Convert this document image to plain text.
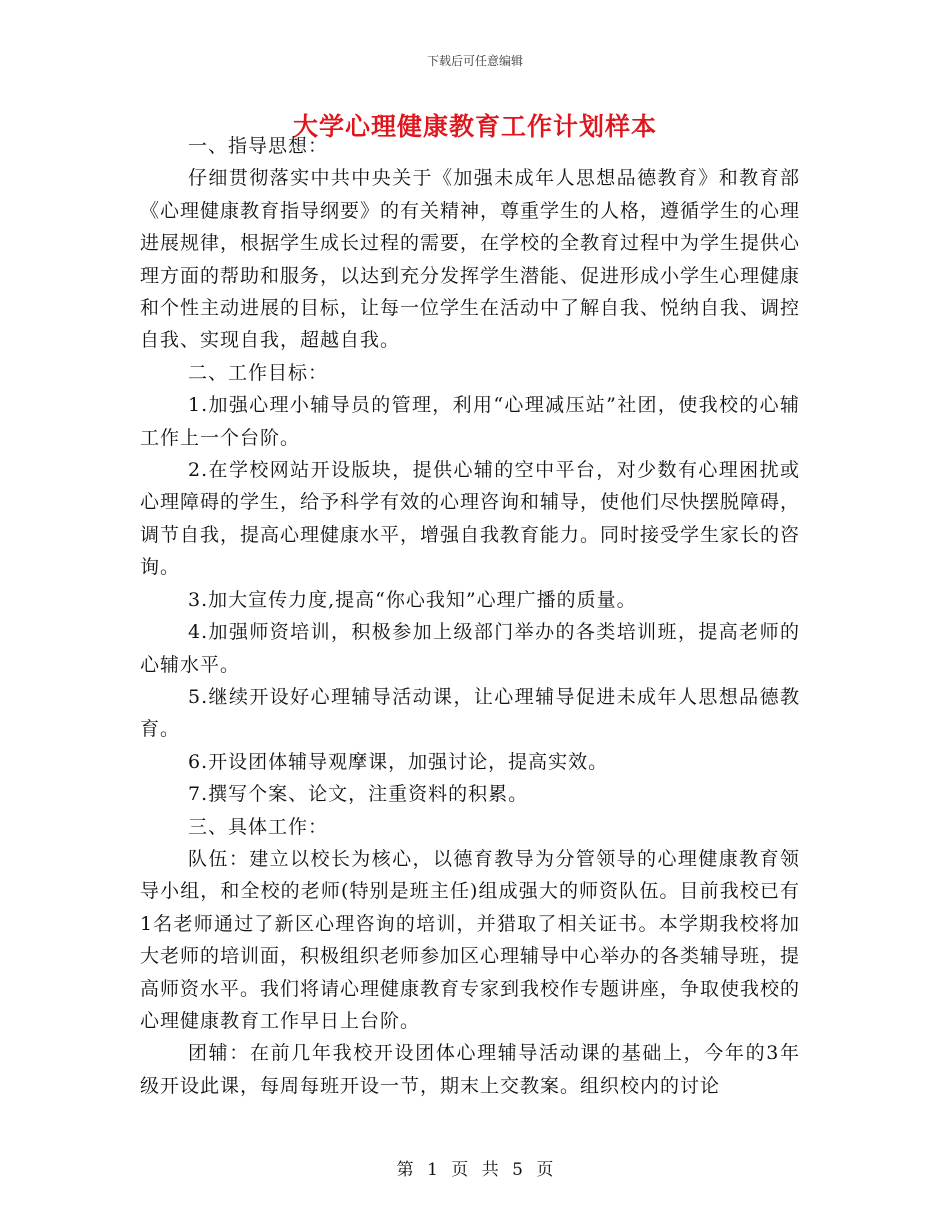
下载后可任意编辑
大学心理健康教育工作计划样本

一、指导思想：

仔细贯彻落实中共中央关于《加强未成年人思想品德教育》和教育部《心理健康教育指导纲要》的有关精神，尊重学生的人格，遵循学生的心理进展规律，根据学生成长过程的需要，在学校的全教育过程中为学生提供心理方面的帮助和服务，以达到充分发挥学生潜能、促进形成小学生心理健康和个性主动进展的目标，让每一位学生在活动中了解自我、悦纳自我、调控自我、实现自我，超越自我。

二、工作目标：

1.加强心理小辅导员的管理，利用“心理减压站”社团，使我校的心辅工作上一个台阶。

2.在学校网站开设版块，提供心辅的空中平台，对少数有心理困扰或心理障碍的学生，给予科学有效的心理咨询和辅导，使他们尽快摆脱障碍，调节自我，提高心理健康水平，增强自我教育能力。同时接受学生家长的咨询。

3.加大宣传力度,提高“你心我知”心理广播的质量。

4.加强师资培训，积极参加上级部门举办的各类培训班，提高老师的心辅水平。

5.继续开设好心理辅导活动课，让心理辅导促进未成年人思想品德教育。

6.开设团体辅导观摩课，加强讨论，提高实效。

7.撰写个案、论文，注重资料的积累。

三、具体工作：

队伍：建立以校长为核心，以德育教导为分管领导的心理健康教育领导小组，和全校的老师(特别是班主任)组成强大的师资队伍。目前我校已有1名老师通过了新区心理咨询的培训，并猎取了相关证书。本学期我校将加大老师的培训面，积极组织老师参加区心理辅导中心举办的各类辅导班，提高师资水平。我们将请心理健康教育专家到我校作专题讲座，争取使我校的心理健康教育工作早日上台阶。

团辅：在前几年我校开设团体心理辅导活动课的基础上，今年的3年级开设此课，每周每班开设一节，期末上交教案。组织校内的讨论

第 1 页 共 5 页
